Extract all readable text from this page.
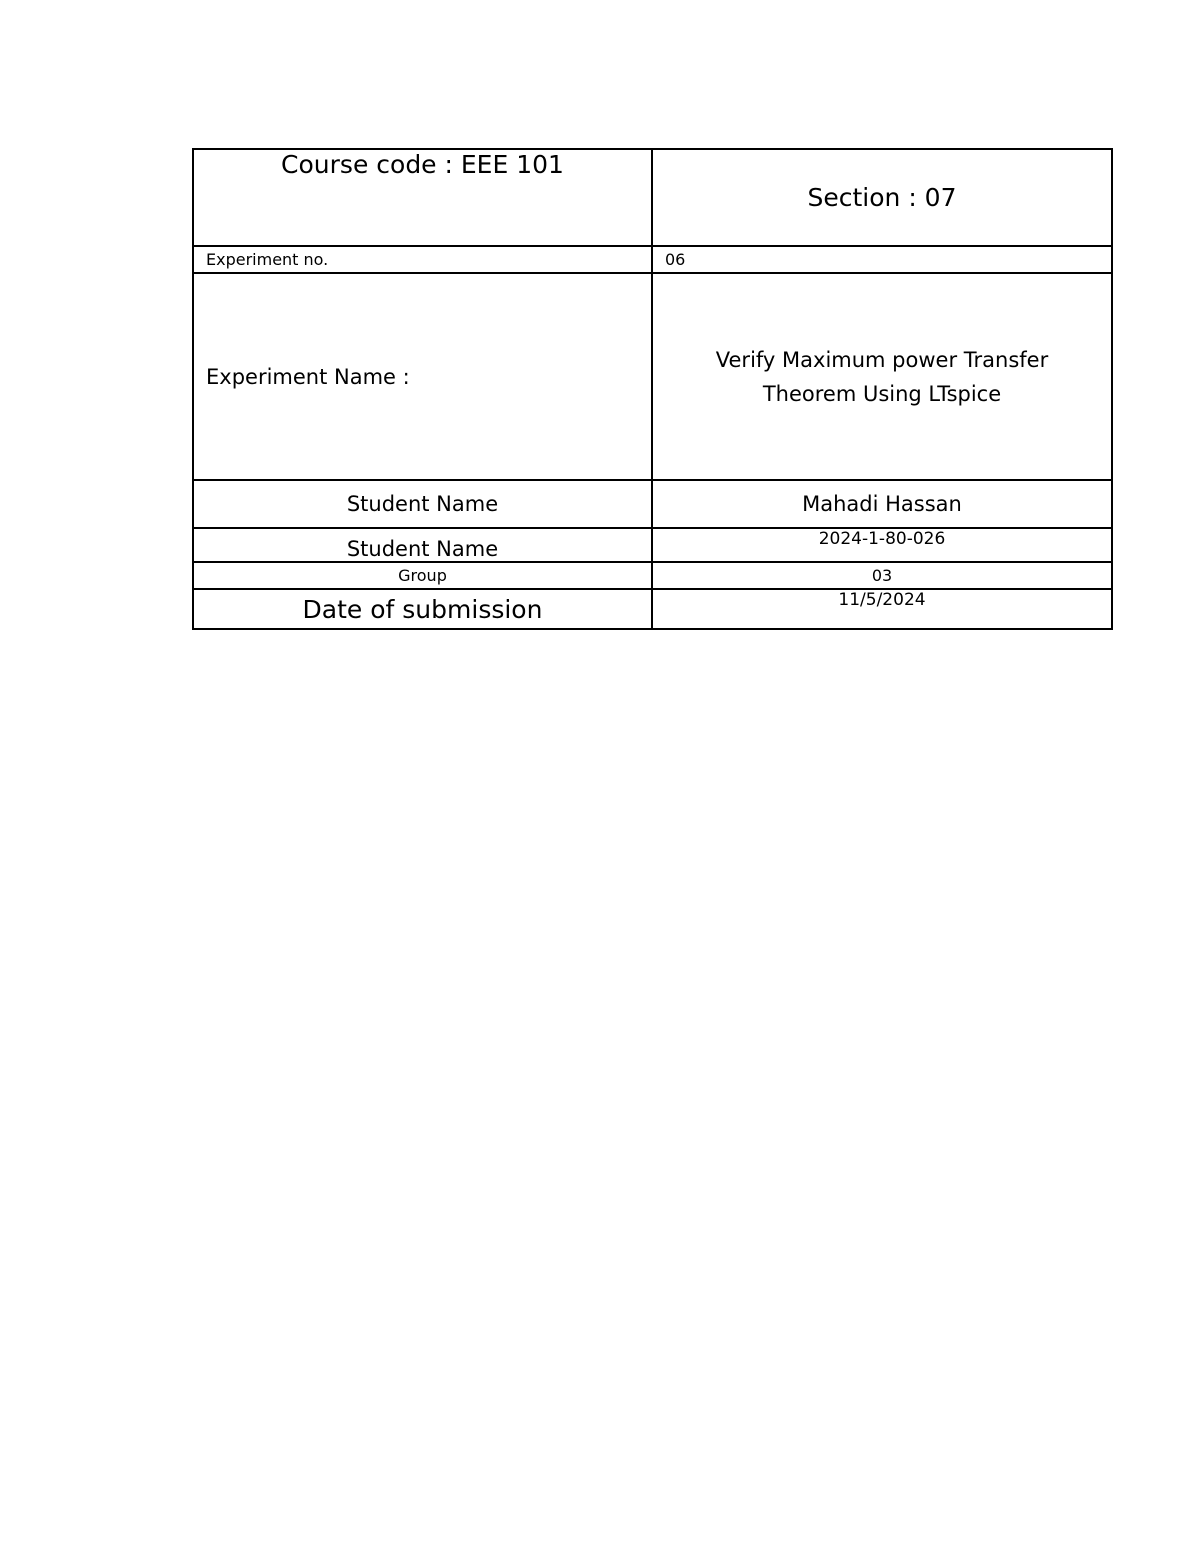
Course code : EEE 101	Section : 07
Experiment no.	06
Experiment Name :	Verify Maximum power Transfer
Theorem Using LTspice

Student Name	Mahadi Hassan
Student Name	2024-1-80-026
Group	03
Date of submission	11/5/2024
